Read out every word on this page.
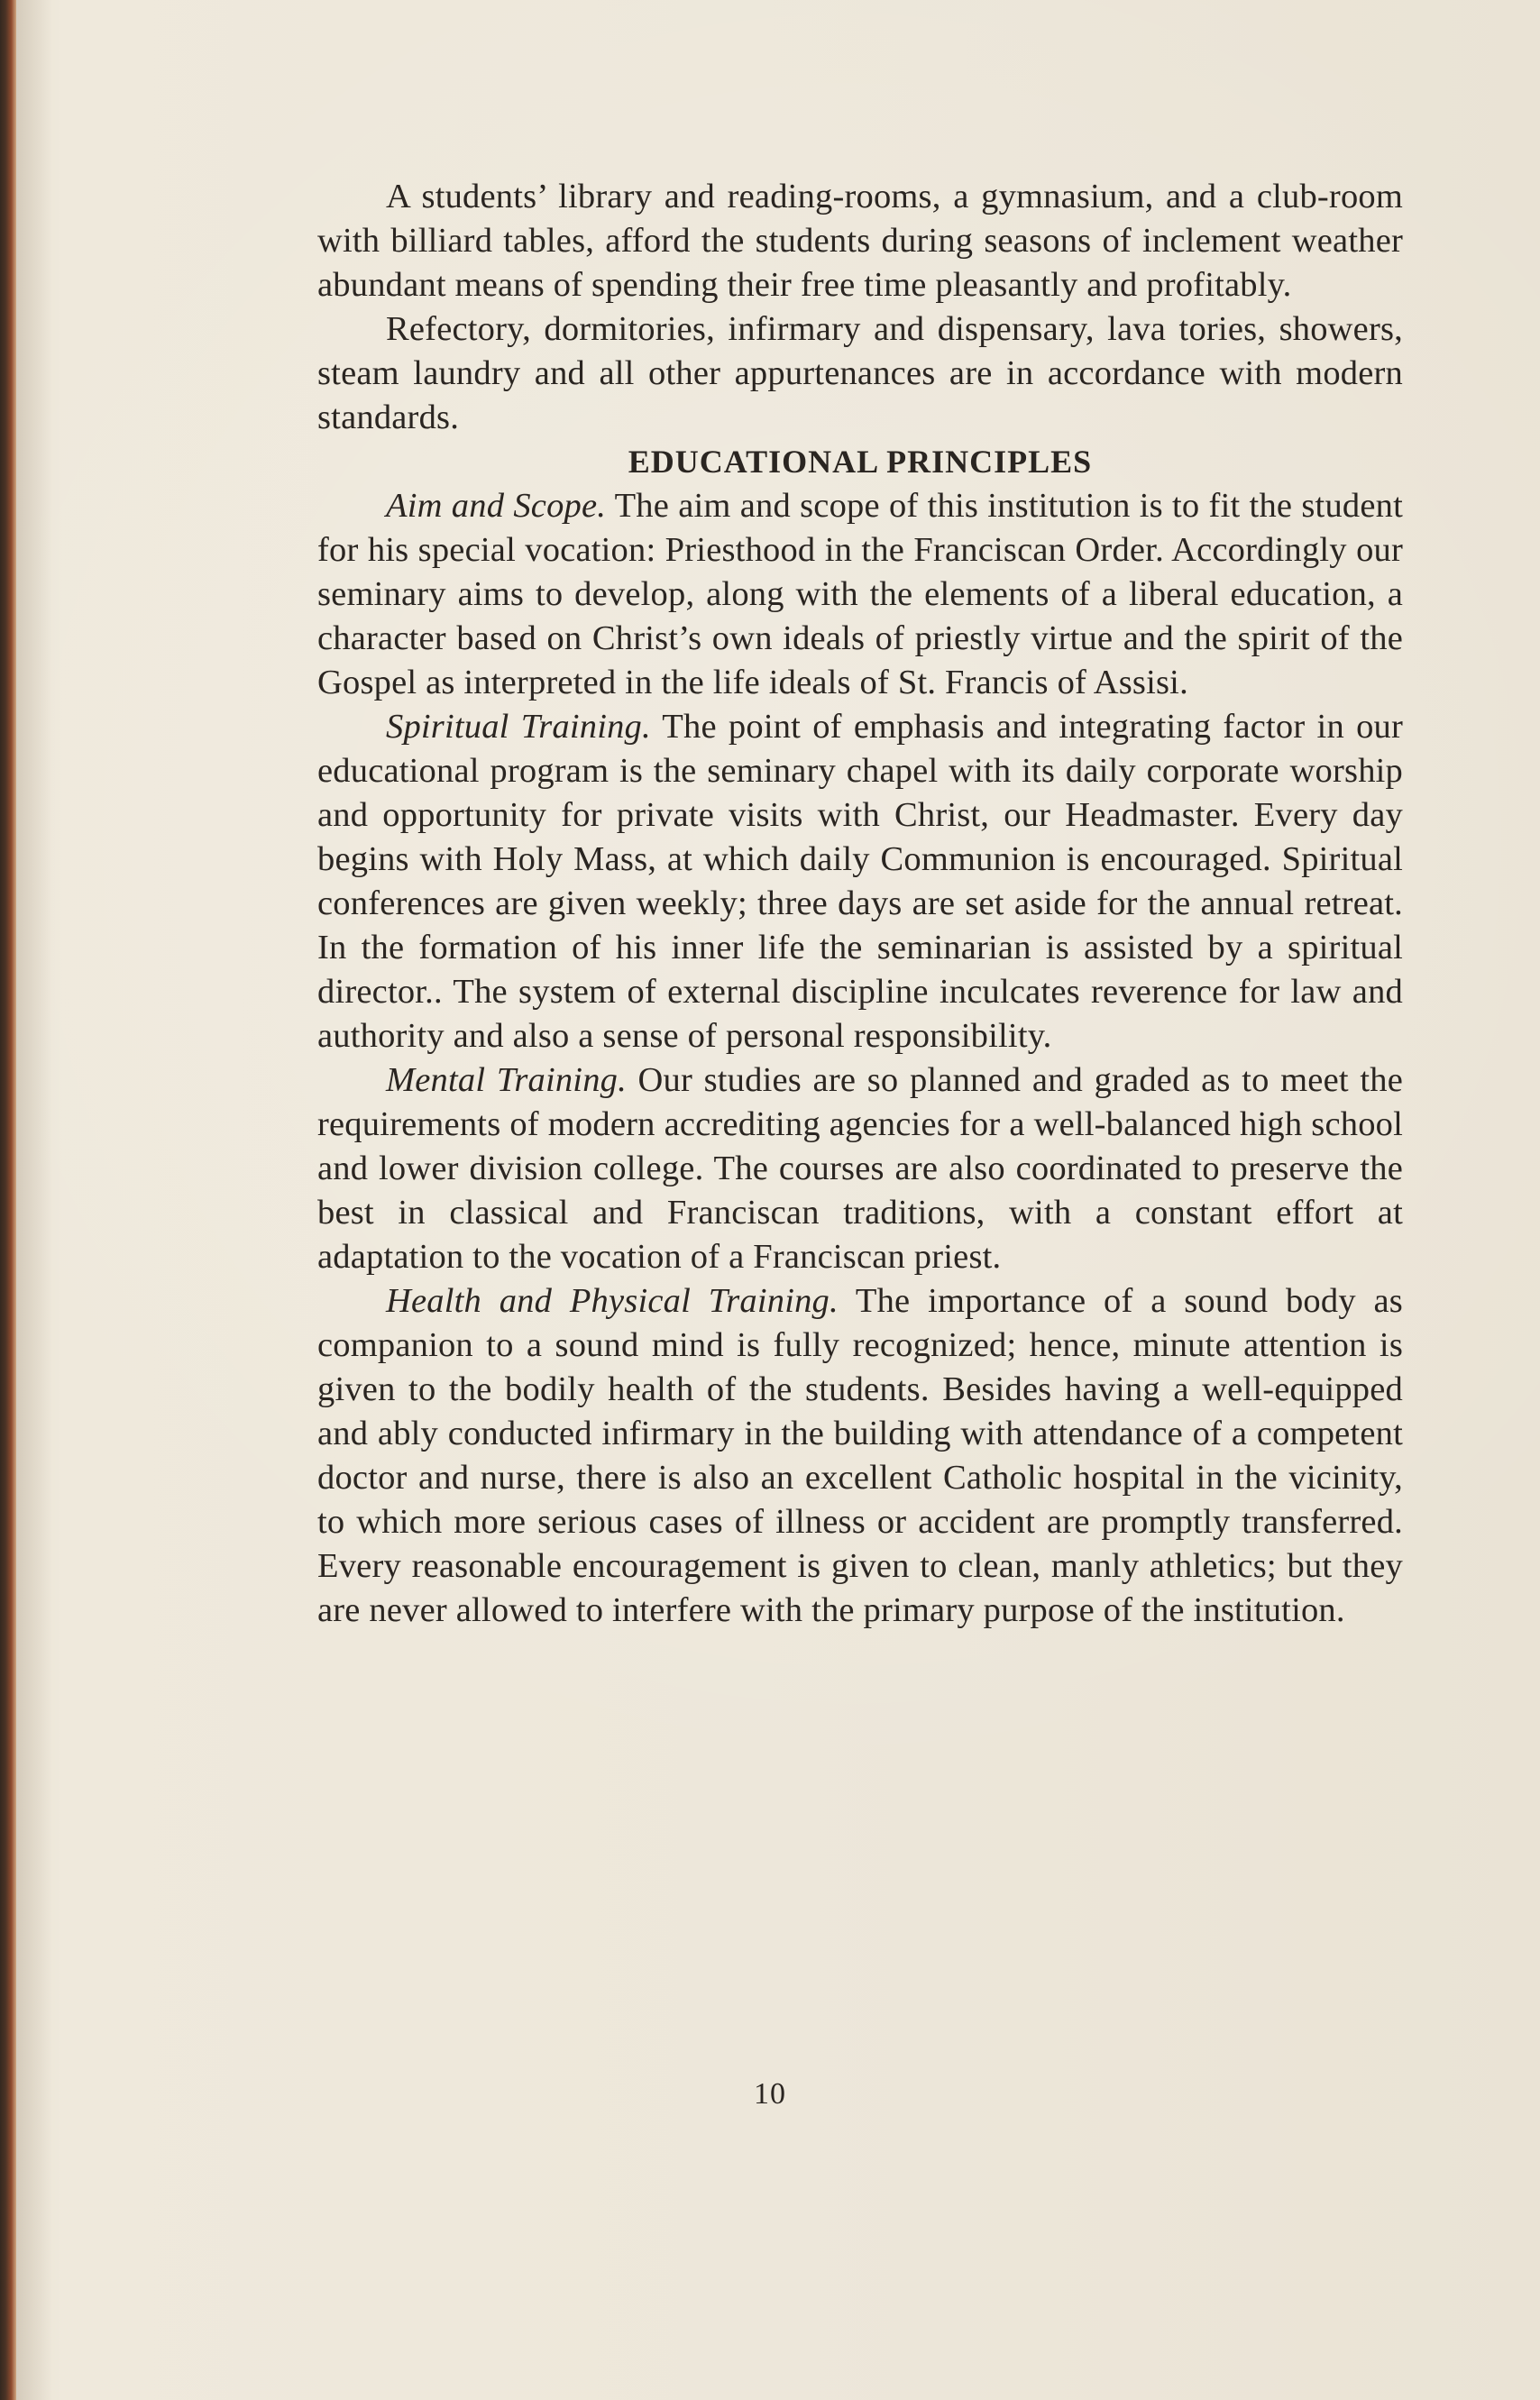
A students’ library and reading-rooms, a gymnasium, and a club-room with billiard tables, afford the students during seasons of inclement weather abundant means of spending their free time pleasantly and profitably.

Refectory, dormitories, infirmary and dispensary, lava tories, showers, steam laundry and all other appurtenances are in accordance with modern standards.

EDUCATIONAL PRINCIPLES

Aim and Scope. The aim and scope of this institution is to fit the student for his special vocation: Priesthood in the Franciscan Order. Accordingly our seminary aims to develop, along with the elements of a liberal education, a character based on Christ’s own ideals of priestly virtue and the spirit of the Gospel as interpreted in the life ideals of St. Francis of Assisi.

Spiritual Training. The point of emphasis and integrating factor in our educational program is the seminary chapel with its daily corporate worship and opportunity for private visits with Christ, our Headmaster. Every day begins with Holy Mass, at which daily Communion is encouraged. Spiritual conferences are given weekly; three days are set aside for the annual retreat. In the formation of his inner life the seminarian is assisted by a spiritual director.. The system of external discipline inculcates reverence for law and authority and also a sense of personal responsibility.

Mental Training. Our studies are so planned and graded as to meet the requirements of modern accrediting agencies for a well-balanced high school and lower division college. The courses are also coordinated to preserve the best in classical and Franciscan traditions, with a constant effort at adaptation to the vocation of a Franciscan priest.

Health and Physical Training. The importance of a sound body as companion to a sound mind is fully recognized; hence, minute attention is given to the bodily health of the students. Besides having a well-equipped and ably conducted infirmary in the building with attendance of a competent doctor and nurse, there is also an excellent Catholic hospital in the vicinity, to which more serious cases of illness or accident are promptly transferred. Every reasonable encouragement is given to clean, manly athletics; but they are never allowed to interfere with the primary purpose of the institution.

10
